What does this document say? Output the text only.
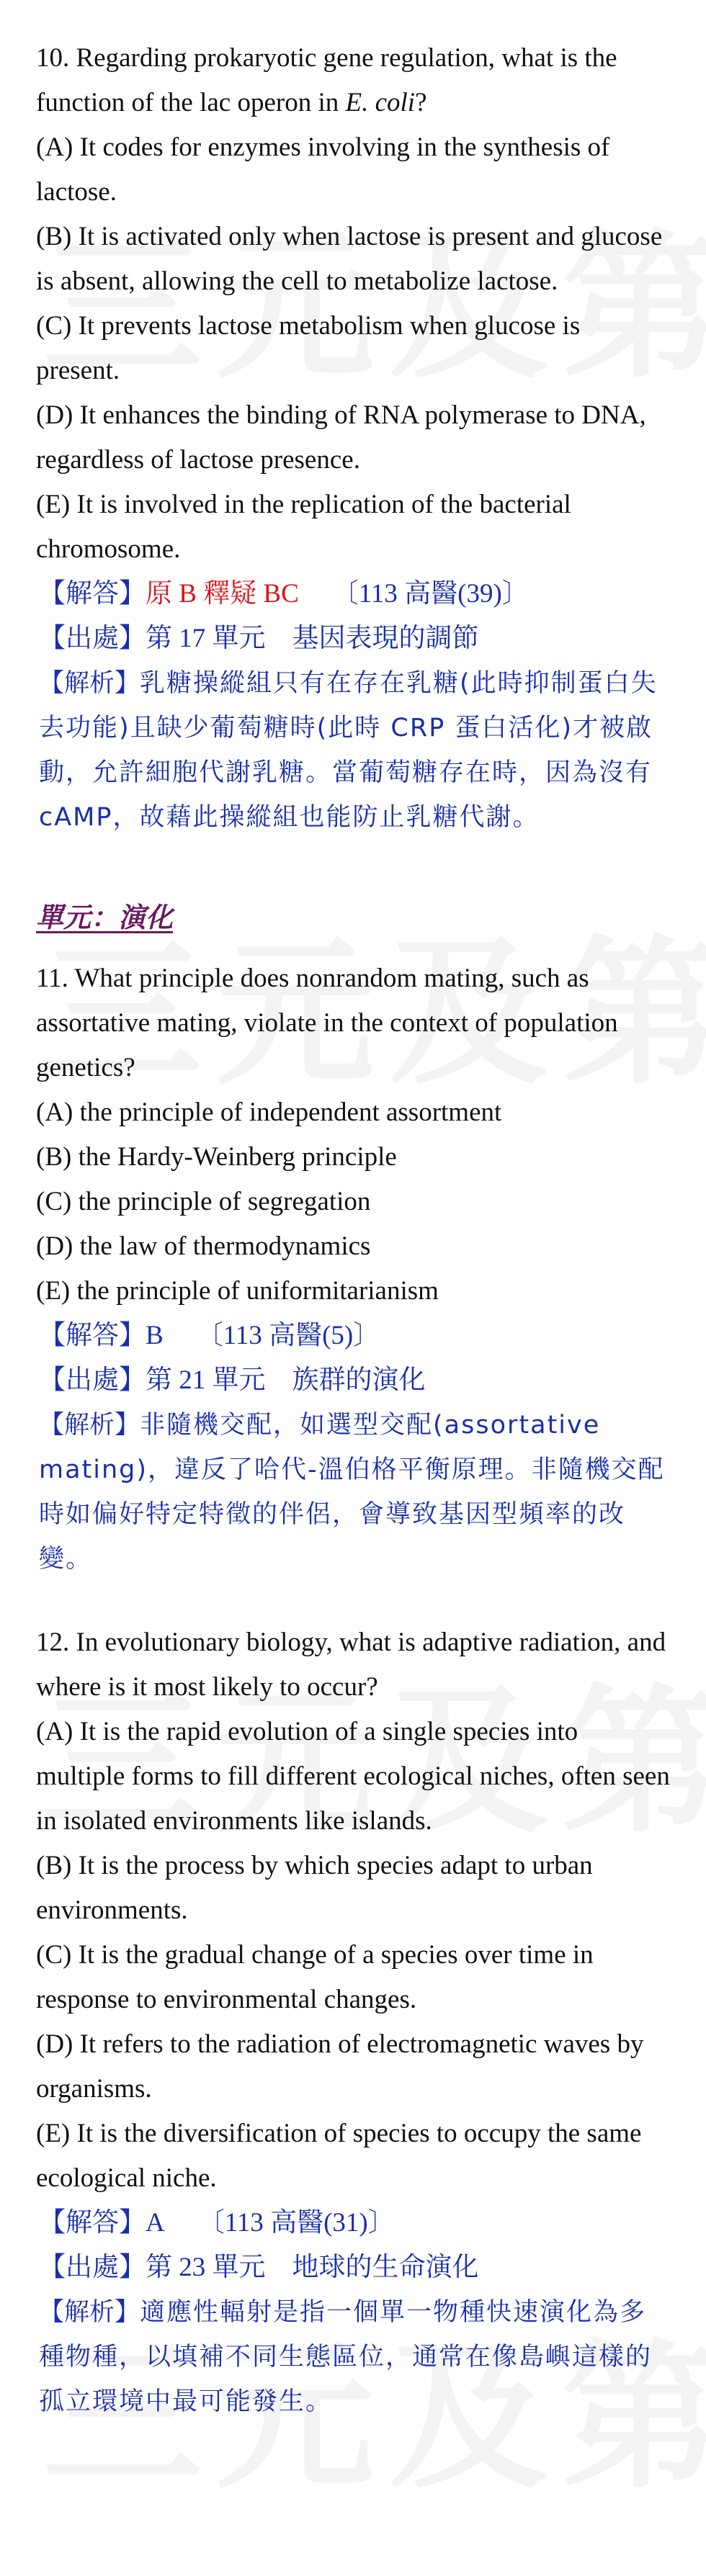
10. Regarding prokaryotic gene regulation, what is the function of the lac operon in E. coli?

(A) It codes for enzymes involving in the synthesis of lactose.

(B) It is activated only when lactose is present and glucose is absent, allowing the cell to metabolize lactose.

(C) It prevents lactose metabolism when glucose is present.

(D) It enhances the binding of RNA polymerase to DNA, regardless of lactose presence.

(E) It is involved in the replication of the bacterial chromosome.

【解答】原 B 釋疑 BC 〔113 高醫(39)〕

【出處】第 17 單元　基因表現的調節

【解析】乳糖操縱組只有在存在乳糖(此時抑制蛋白失去功能)且缺少葡萄糖時(此時 CRP 蛋白活化)才被啟動，允許細胞代謝乳糖。當葡萄糖存在時，因為沒有 cAMP，故藉此操縱組也能防止乳糖代謝。

單元：演化

11. What principle does nonrandom mating, such as assortative mating, violate in the context of population genetics?

(A) the principle of independent assortment

(B) the Hardy-Weinberg principle

(C) the principle of segregation

(D) the law of thermodynamics

(E) the principle of uniformitarianism

【解答】B 〔113 高醫(5)〕

【出處】第 21 單元　族群的演化

【解析】非隨機交配，如選型交配(assortative mating)，違反了哈代-溫伯格平衡原理。非隨機交配時如偏好特定特徵的伴侶，會導致基因型頻率的改變。

12. In evolutionary biology, what is adaptive radiation, and where is it most likely to occur?

(A) It is the rapid evolution of a single species into multiple forms to fill different ecological niches, often seen in isolated environments like islands.

(B) It is the process by which species adapt to urban environments.

(C) It is the gradual change of a species over time in response to environmental changes.

(D) It refers to the radiation of electromagnetic waves by organisms.

(E) It is the diversification of species to occupy the same ecological niche.

【解答】A 〔113 高醫(31)〕

【出處】第 23 單元　地球的生命演化

【解析】適應性輻射是指一個單一物種快速演化為多種物種，以填補不同生態區位，通常在像島嶼這樣的孤立環境中最可能發生。
